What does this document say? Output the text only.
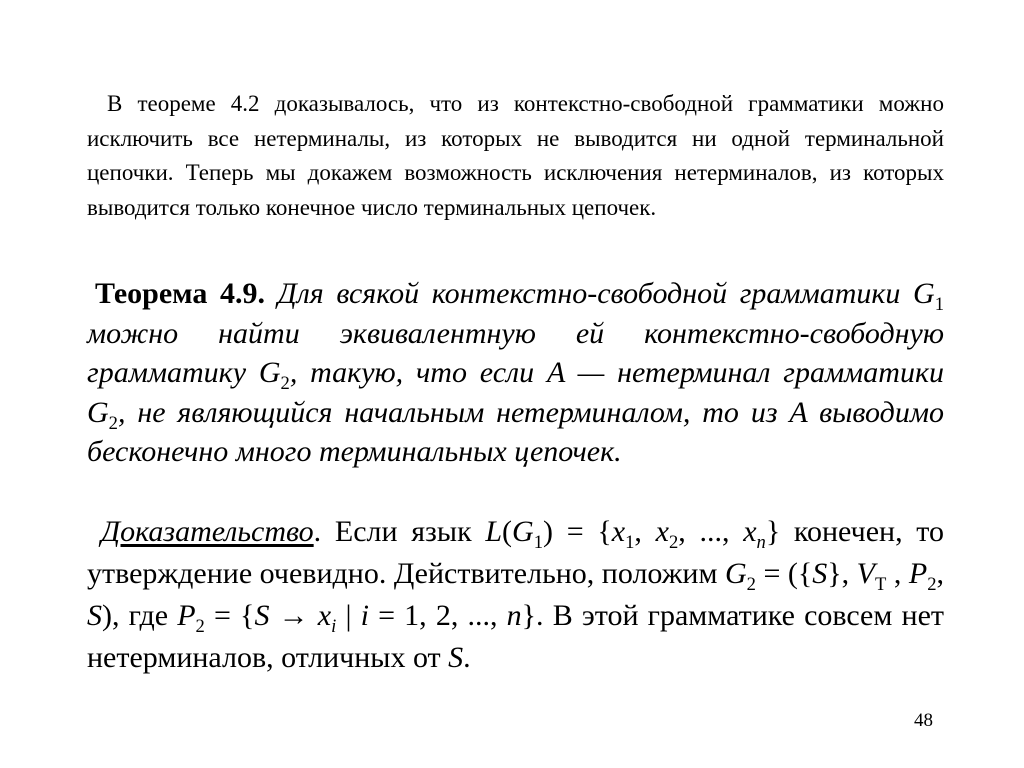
В теореме 4.2 доказывалось, что из контекстно-свободной грамматики можно исключить все нетерминалы, из которых не выводится ни одной терминальной цепочки. Теперь мы докажем возможность исключения нетерминалов, из которых выводится только конечное число терминальных цепочек.

Теорема 4.9. Для всякой контекстно-свободной грамматики $G_1$ можно найти эквивалентную ей контекстно-свободную грамматику $G_2$, такую, что если A — нетерминал грамматики $G_2$, не являющийся начальным нетерминалом, то из A выводимо бесконечно много терминальных цепочек.

Доказательство. Если язык $L(G_1) = \{x_1$, $x_2$, ..., $x_n$} конечен, то утверждение очевидно. Действительно, положим $G_2 = (\{S\}$, $V_Т$ , $P_2$, S), где $P_2 = \{S \to x_i$ | i = 1, 2, ..., n}. В этой грамматике совсем нет нетерминалов, отличных от S.

48
